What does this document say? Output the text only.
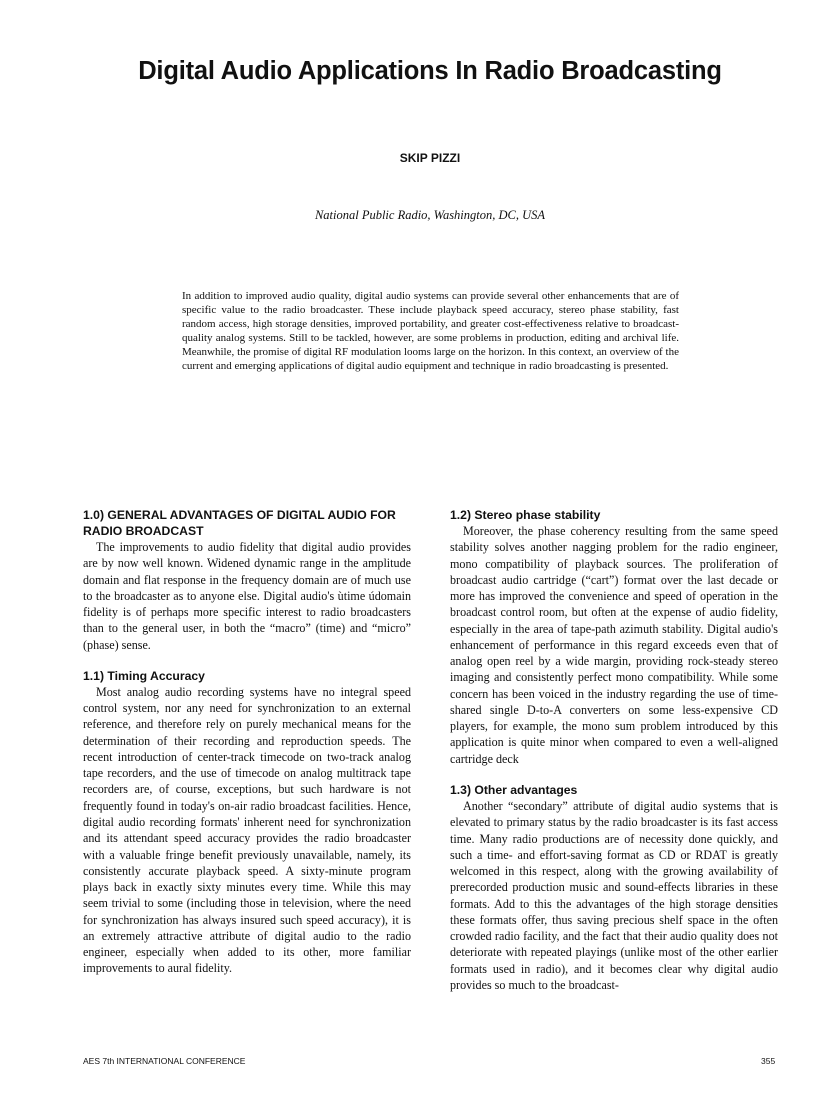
Digital Audio Applications In Radio Broadcasting
SKIP PIZZI
National Public Radio, Washington, DC, USA

In addition to improved audio quality, digital audio systems can provide several other enhancements that are of specific value to the radio broadcaster. These include playback speed accuracy, stereo phase stability, fast random access, high storage densities, improved portability, and greater cost-effectiveness relative to broadcast-quality analog systems. Still to be tackled, however, are some problems in production, editing and archival life. Meanwhile, the promise of digital RF modulation looms large on the horizon. In this context, an overview of the current and emerging applications of digital audio equipment and technique in radio broadcasting is presented.

1.0) GENERAL ADVANTAGES OF DIGITAL AUDIO FOR RADIO BROADCAST

The improvements to audio fidelity that digital audio provides are by now well known. Widened dynamic range in the amplitude domain and flat response in the frequency domain are of much use to the broadcaster as to anyone else. Digital audio's ùtime údomain fidelity is of perhaps more specific interest to radio broadcasters than to the general user, in both the “macro” (time) and “micro” (phase) sense.

1.1) Timing Accuracy

Most analog audio recording systems have no integral speed control system, nor any need for synchronization to an external reference, and therefore rely on purely mechanical means for the determination of their recording and reproduction speeds. The recent introduction of center-track timecode on two-track analog tape recorders, and the use of timecode on analog multitrack tape recorders are, of course, exceptions, but such hardware is not frequently found in today's on-air radio broadcast facilities. Hence, digital audio recording formats' inherent need for synchronization and its attendant speed accuracy provides the radio broadcaster with a valuable fringe benefit previously unavailable, namely, its consistently accurate playback speed. A sixty-minute program plays back in exactly sixty minutes every time. While this may seem trivial to some (including those in television, where the need for synchronization has always insured such speed accuracy), it is an extremely attractive attribute of digital audio to the radio engineer, especially when added to its other, more familiar improvements to aural fidelity.

1.2) Stereo phase stability

Moreover, the phase coherency resulting from the same speed stability solves another nagging problem for the radio engineer, mono compatibility of playback sources. The proliferation of broadcast audio cartridge (“cart”) format over the last decade or more has improved the convenience and speed of operation in the broadcast control room, but often at the expense of audio fidelity, especially in the area of tape-path azimuth stability. Digital audio's enhancement of performance in this regard exceeds even that of analog open reel by a wide margin, providing rock-steady stereo imaging and consistently perfect mono compatibility. While some concern has been voiced in the industry regarding the use of time-shared single D-to-A converters on some less-expensive CD players, for example, the mono sum problem introduced by this application is quite minor when compared to even a well-aligned cartridge deck

1.3) Other advantages

Another “secondary” attribute of digital audio systems that is elevated to primary status by the radio broadcaster is its fast access time. Many radio productions are of necessity done quickly, and such a time- and effort-saving format as CD or RDAT is greatly welcomed in this respect, along with the growing availability of prerecorded production music and sound-effects libraries in these formats. Add to this the advantages of the high storage densities these formats offer, thus saving precious shelf space in the often crowded radio facility, and the fact that their audio quality does not deteriorate with repeated playings (unlike most of the other earlier formats used in radio), and it becomes clear why digital audio provides so much to the broadcast-

AES 7th INTERNATIONAL CONFERENCE	355
